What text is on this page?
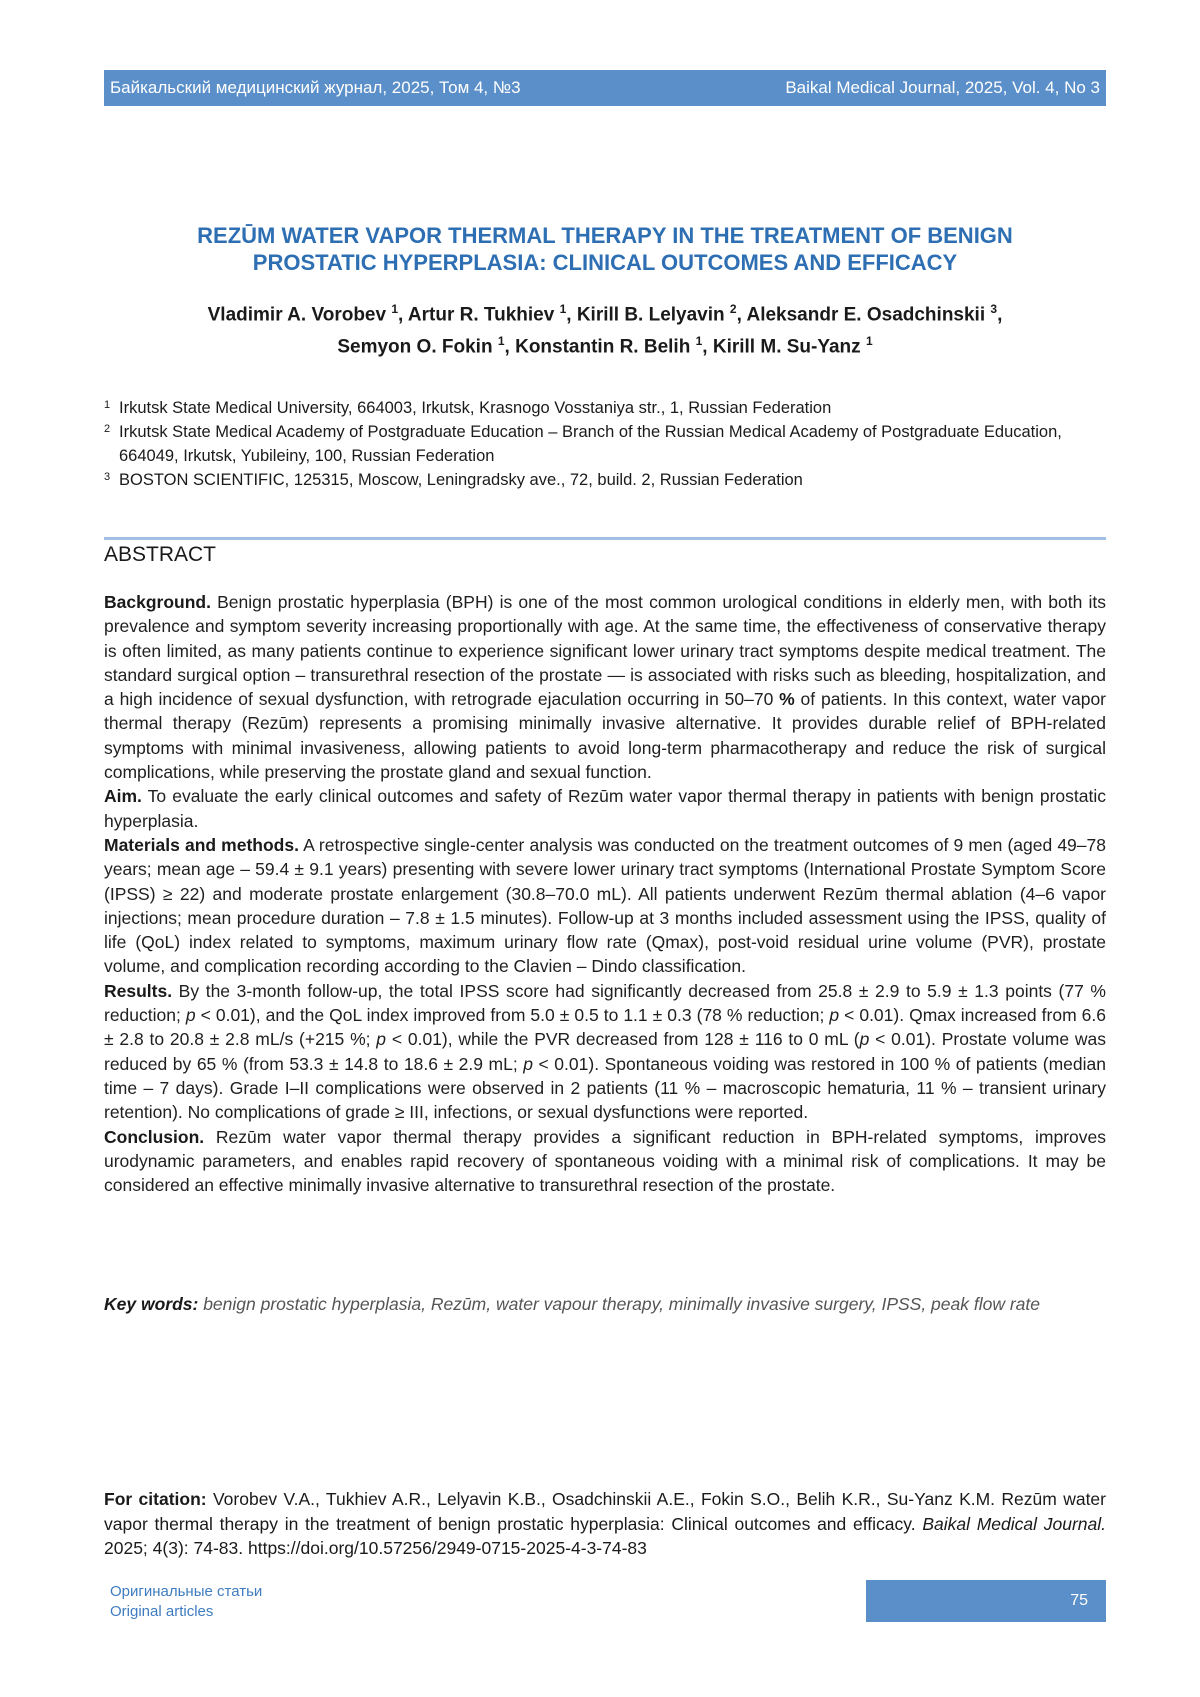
Байкальский медицинский журнал, 2025, Том 4, №3	Baikal Medical Journal, 2025, Vol. 4, No 3
REZŪM WATER VAPOR THERMAL THERAPY IN THE TREATMENT OF BENIGN
PROSTATIC HYPERPLASIA: CLINICAL OUTCOMES AND EFFICACY
Vladimir A. Vorobev 1, Artur R. Tukhiev 1, Kirill B. Lelyavin 2, Aleksandr E. Osadchinskii 3,
Semyon O. Fokin 1, Konstantin R. Belih 1, Kirill M. Su-Yanz 1
1 Irkutsk State Medical University, 664003, Irkutsk, Krasnogo Vosstaniya str., 1, Russian Federation
2 Irkutsk State Medical Academy of Postgraduate Education – Branch of the Russian Medical Academy of Postgraduate Education, 664049, Irkutsk, Yubileiny, 100, Russian Federation
3 BOSTON SCIENTIFIC, 125315, Moscow, Leningradsky ave., 72, build. 2, Russian Federation
ABSTRACT

Background. Benign prostatic hyperplasia (BPH) is one of the most common urological conditions in elderly men, with both its prevalence and symptom severity increasing proportionally with age. At the same time, the effectiveness of conservative therapy is often limited, as many patients continue to experience significant lower urinary tract symp­toms despite medical treatment. The standard surgical option – transurethral resection of the prostate — is associated with risks such as bleeding, hospitalization, and a high incidence of sexual dysfunction, with retrograde ejaculation occurring in 50–70 % of patients. In this context, water vapor thermal therapy (Rezūm) represents a promising minimally invasive alternative. It provides durable relief of BPH-related symptoms with minimal invasiveness, allowing patients to avoid long-term pharmacotherapy and reduce the risk of surgical complications, while preserving the prostate gland and sexual function.

Aim. To evaluate the early clinical outcomes and safety of Rezūm water vapor thermal therapy in patients with benign prostatic hyperplasia.

Materials and methods. A retrospective single-center analysis was conducted on the treatment outcomes of 9 men (aged 49–78 years; mean age – 59.4 ± 9.1 years) presenting with severe lower urinary tract symptoms (International Prostate Symptom Score (IPSS) ≥ 22) and moderate prostate enlargement (30.8–70.0 mL). All patients underwent Rezūm thermal ablation (4–6 vapor injections; mean procedure duration – 7.8 ± 1.5 minutes). Follow-up at 3 months included assessment using the IPSS, quality of life (QoL) index related to symptoms, maximum urinary flow rate (Qmax), post-void residual urine volume (PVR), prostate volume, and complication recording according to the Clavien – Dindo classification.

Results. By the 3-month follow-up, the total IPSS score had significantly decreased from 25.8 ± 2.9 to 5.9 ± 1.3 points (77 % reduction; p < 0.01), and the QoL index improved from 5.0 ± 0.5 to 1.1 ± 0.3 (78 % reduction; p < 0.01). Qmax increased from 6.6 ± 2.8 to 20.8 ± 2.8 mL/s (+215 %; p < 0.01), while the PVR decreased from 128 ± 116 to 0 mL (p < 0.01). Prostate volume was reduced by 65 % (from 53.3 ± 14.8 to 18.6 ± 2.9 mL; p < 0.01). Spontaneous void­ing was restored in 100 % of patients (median time – 7 days). Grade I–II complications were observed in 2 patients (11 % – macroscopic hematuria, 11 % – transient urinary retention). No complications of grade ≥ III, infections, or sexual dysfunctions were reported.

Conclusion. Rezūm water vapor thermal therapy provides a significant reduction in BPH-related symptoms, improves urodynamic parameters, and enables rapid recovery of spontaneous voiding with a minimal risk of complications. It may be considered an effective minimally invasive alternative to transurethral resection of the prostate.

Key words: benign prostatic hyperplasia, Rezūm, water vapour therapy, minimally invasive surgery, IPSS, peak flow rate
For citation: Vorobev V.A., Tukhiev A.R., Lelyavin K.B., Osadchinskii A.E., Fokin S.O., Belih K.R., Su-Yanz K.M. Rezūm water vapor thermal therapy in the treatment of benign prostatic hyperplasia: Clinical outcomes and effi­cacy. Baikal Medical Journal. 2025; 4(3): 74-83. https://doi.org/10.57256/2949-0715-2025-4-3-74-83
Оригинальные статьи
Original articles
75
